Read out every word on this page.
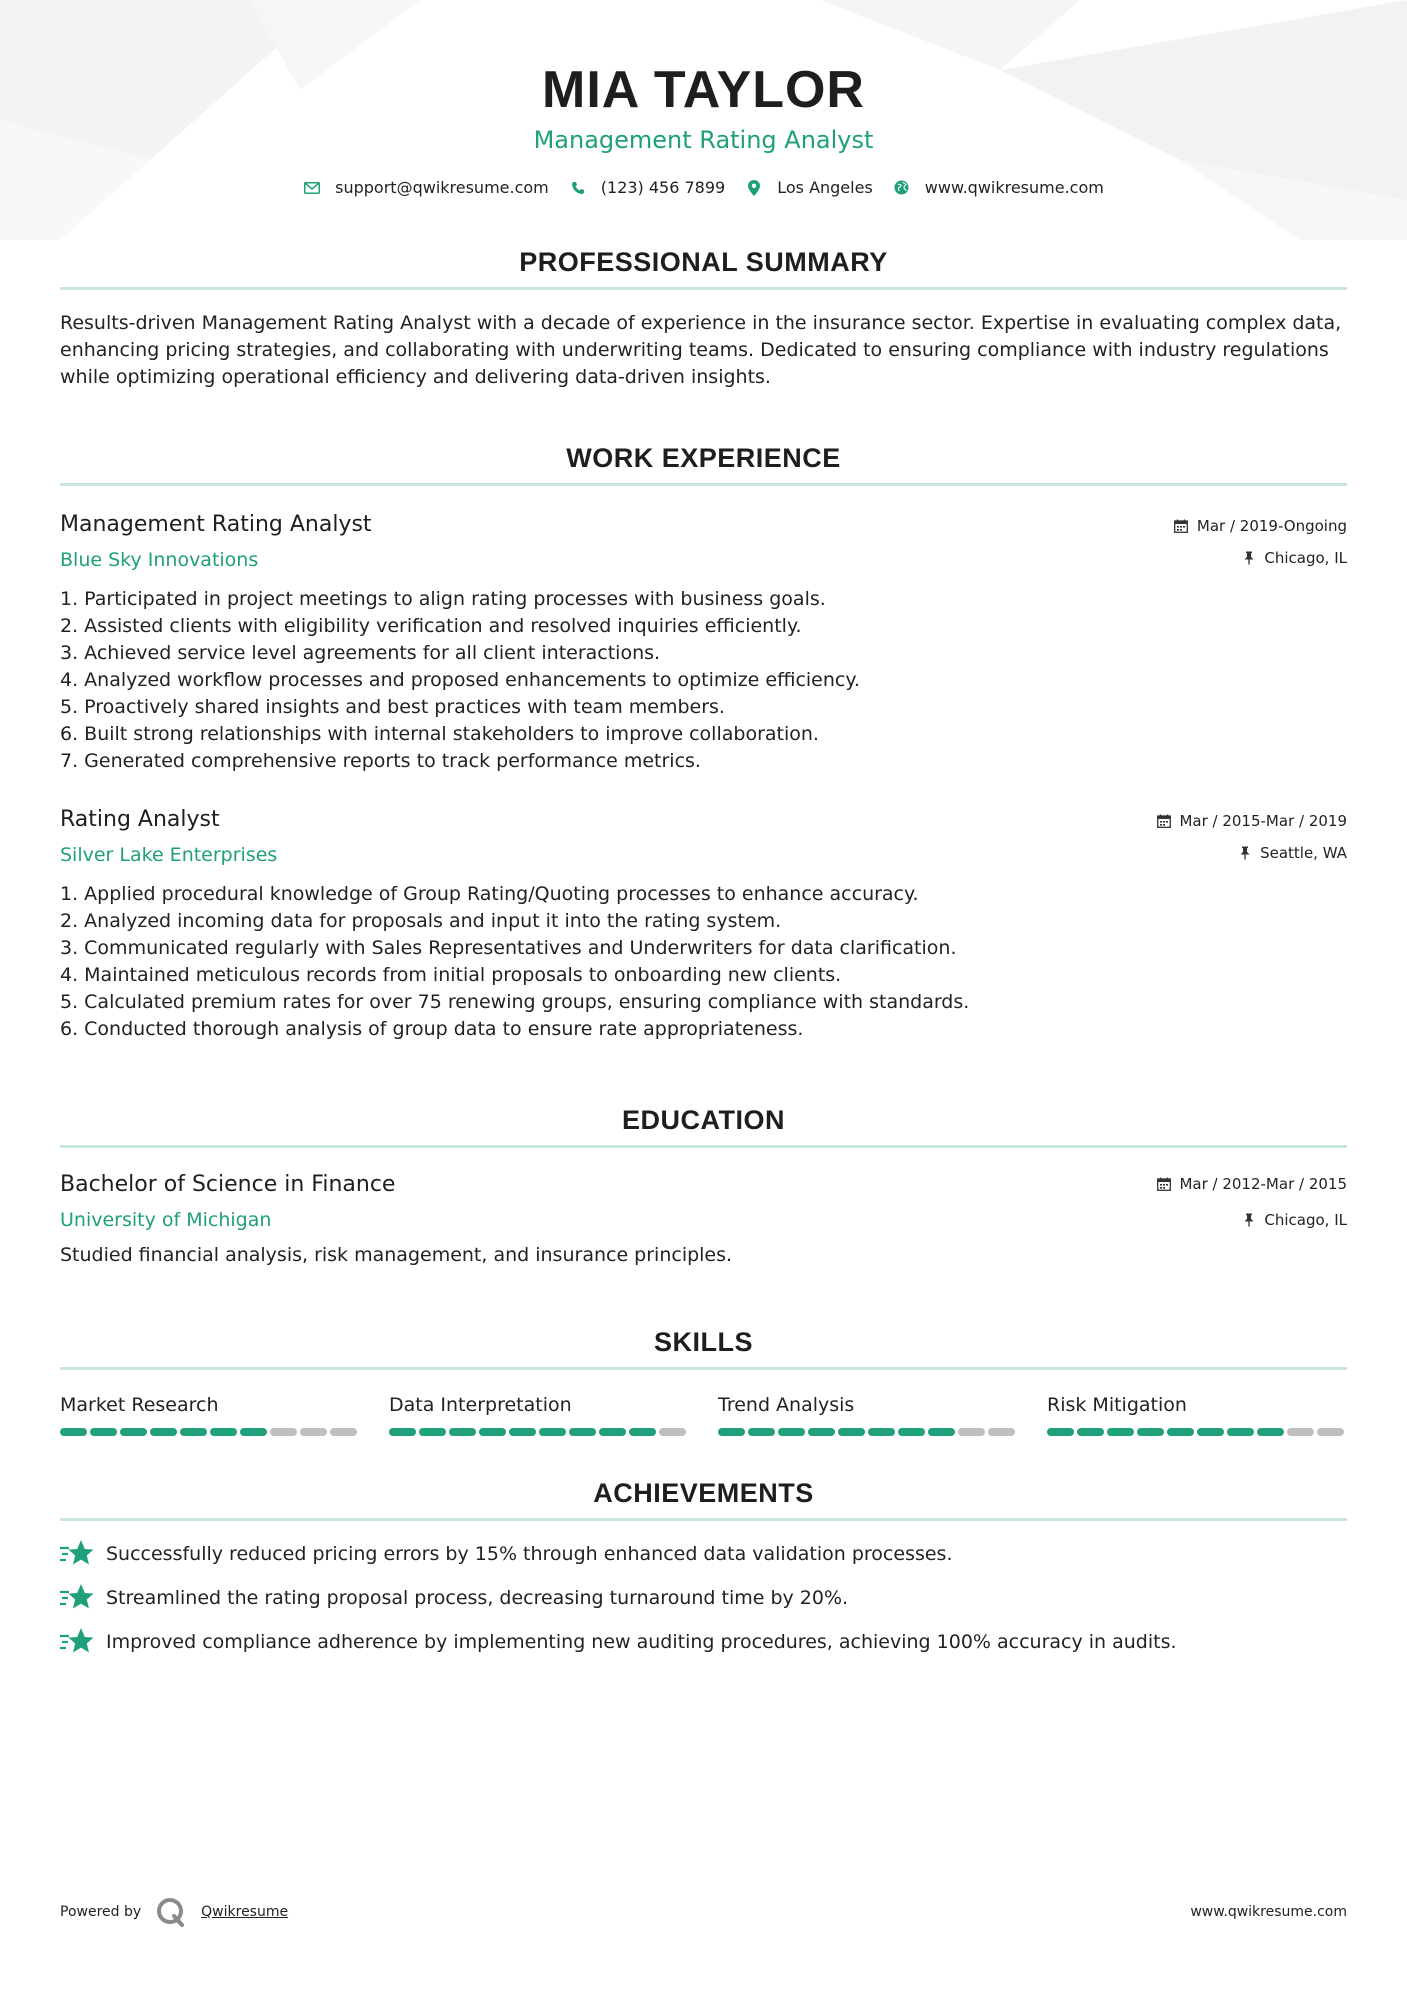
MIA TAYLOR
Management Rating Analyst
support@qwikresume.com	(123) 456 7899	Los Angeles	www.qwikresume.com
PROFESSIONAL SUMMARY

Results-driven Management Rating Analyst with a decade of experience in the insurance sector. Expertise in evaluating complex data, enhancing pricing strategies, and collaborating with underwriting teams. Dedicated to ensuring compliance with industry regulations while optimizing operational efficiency and delivering data-driven insights.

WORK EXPERIENCE
Management Rating Analyst
Blue Sky Innovations
Mar / 2019-Ongoing
Chicago, IL
1. Participated in project meetings to align rating processes with business goals.
2. Assisted clients with eligibility verification and resolved inquiries efficiently.
3. Achieved service level agreements for all client interactions.
4. Analyzed workflow processes and proposed enhancements to optimize efficiency.
5. Proactively shared insights and best practices with team members.
6. Built strong relationships with internal stakeholders to improve collaboration.
7. Generated comprehensive reports to track performance metrics.
Rating Analyst
Silver Lake Enterprises
Mar / 2015-Mar / 2019
Seattle, WA
1. Applied procedural knowledge of Group Rating/Quoting processes to enhance accuracy.
2. Analyzed incoming data for proposals and input it into the rating system.
3. Communicated regularly with Sales Representatives and Underwriters for data clarification.
4. Maintained meticulous records from initial proposals to onboarding new clients.
5. Calculated premium rates for over 75 renewing groups, ensuring compliance with standards.
6. Conducted thorough analysis of group data to ensure rate appropriateness.
EDUCATION
Bachelor of Science in Finance
University of Michigan
Mar / 2012-Mar / 2015
Chicago, IL

Studied financial analysis, risk management, and insurance principles.

SKILLS
Market Research	Data Interpretation	Trend Analysis	Risk Mitigation
ACHIEVEMENTS
Successfully reduced pricing errors by 15% through enhanced data validation processes.
Streamlined the rating proposal process, decreasing turnaround time by 20%.
Improved compliance adherence by implementing new auditing procedures, achieving 100% accuracy in audits.
Powered by	Qwikresume	www.qwikresume.com
